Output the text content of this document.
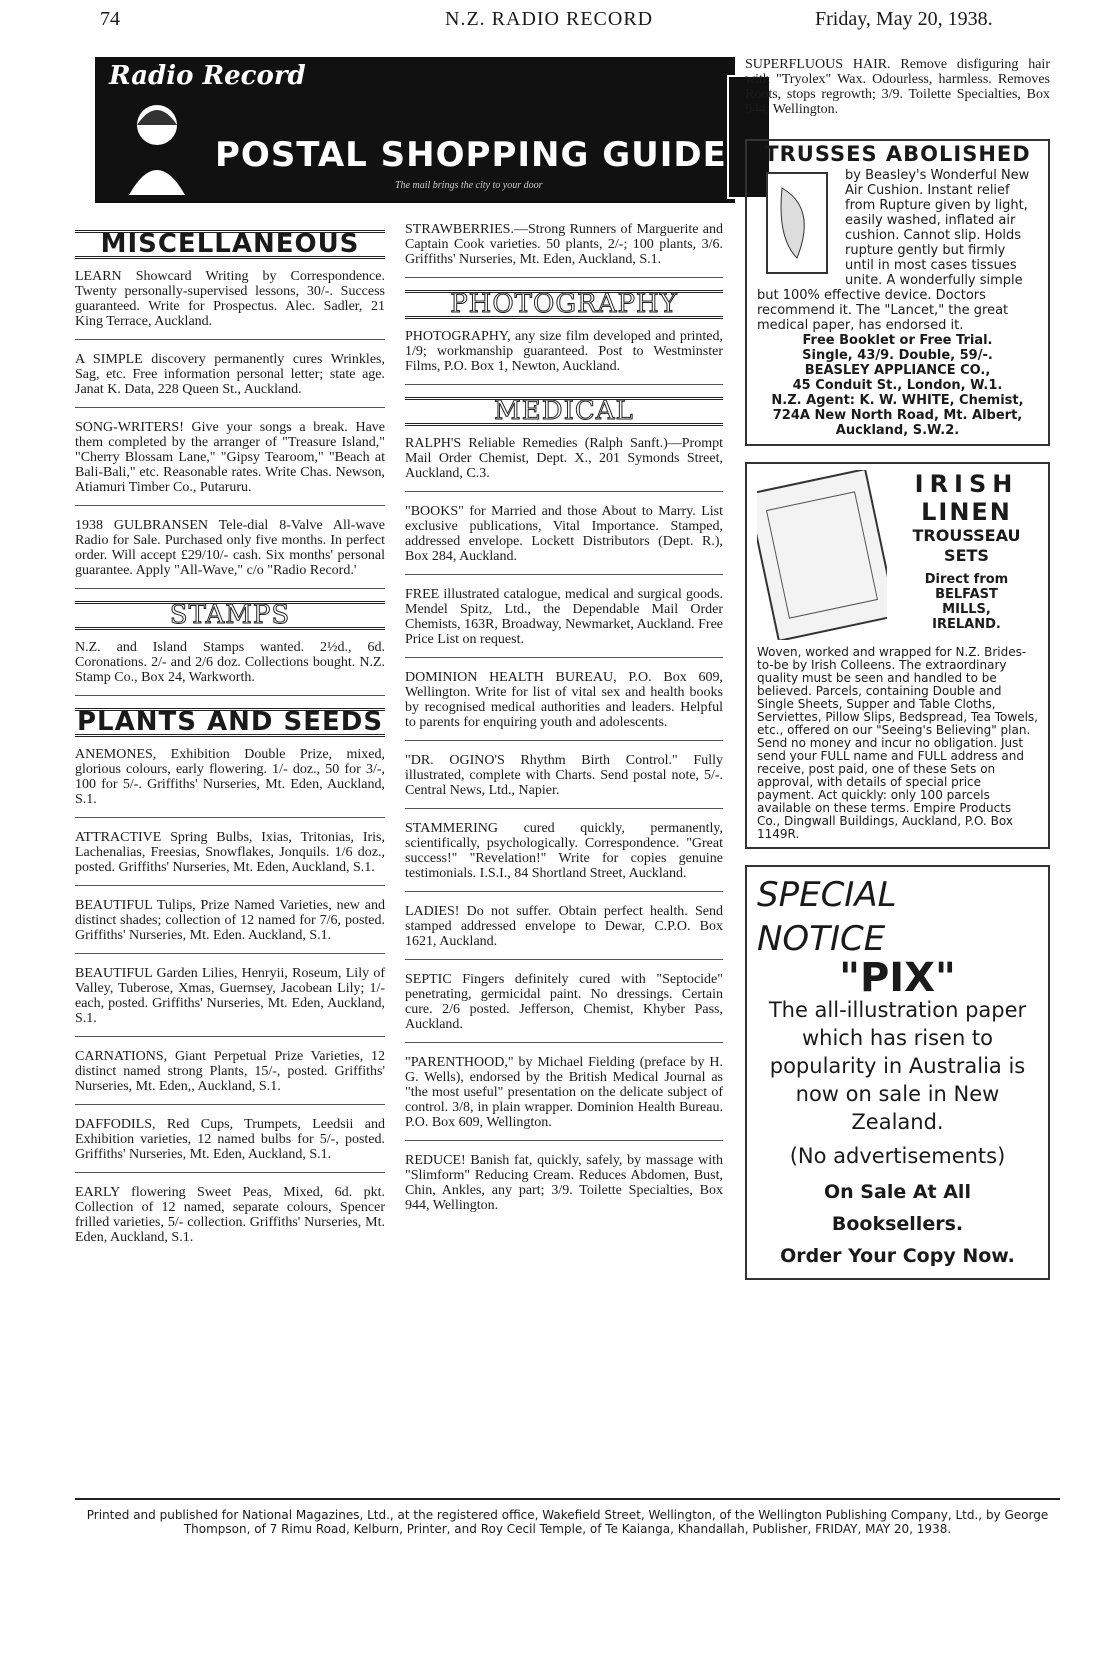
74	N.Z. RADIO RECORD	Friday, May 20, 1938.
Radio Record
POSTAL SHOPPING GUIDE
The mail brings the city to your door
MISCELLANEOUS
LEARN Showcard Writing by Correspondence. Twenty personally-supervised lessons, 30/-. Success guaranteed. Write for Prospectus. Alec. Sadler, 21 King Terrace, Auckland.
A SIMPLE discovery permanently cures Wrinkles, Sag, etc. Free information personal letter; state age. Janat K. Data, 228 Queen St., Auckland.
SONG-WRITERS! Give your songs a break. Have them completed by the arranger of "Treasure Island," "Cherry Blossam Lane," "Gipsy Tearoom," "Beach at Bali-Bali," etc. Reasonable rates. Write Chas. Newson, Atiamuri Timber Co., Putaruru.
1938 GULBRANSEN Tele-dial 8-Valve All-wave Radio for Sale. Purchased only five months. In perfect order. Will accept £29/10/- cash. Six months' personal guarantee. Apply "All-Wave," c/o "Radio Record.'
STAMPS
N.Z. and Island Stamps wanted. 2½d., 6d. Coronations. 2/- and 2/6 doz. Collections bought. N.Z. Stamp Co., Box 24, Warkworth.
PLANTS AND SEEDS
ANEMONES, Exhibition Double Prize, mixed, glorious colours, early flowering. 1/- doz., 50 for 3/-, 100 for 5/-. Griffiths' Nurseries, Mt. Eden, Auckland, S.1.
ATTRACTIVE Spring Bulbs, Ixias, Tritonias, Iris, Lachenalias, Freesias, Snowflakes, Jonquils. 1/6 doz., posted. Griffiths' Nurseries, Mt. Eden, Auckland, S.1.
BEAUTIFUL Tulips, Prize Named Varieties, new and distinct shades; collection of 12 named for 7/6, posted. Griffiths' Nurseries, Mt. Eden. Auckland, S.1.
BEAUTIFUL Garden Lilies, Henryii, Roseum, Lily of Valley, Tuberose, Xmas, Guernsey, Jacobean Lily; 1/- each, posted. Griffiths' Nurseries, Mt. Eden, Auckland, S.1.
CARNATIONS, Giant Perpetual Prize Varieties, 12 distinct named strong Plants, 15/-, posted. Griffiths' Nurseries, Mt. Eden,, Auckland, S.1.
DAFFODILS, Red Cups, Trumpets, Leedsii and Exhibition varieties, 12 named bulbs for 5/-, posted. Griffiths' Nurseries, Mt. Eden, Auckland, S.1.
EARLY flowering Sweet Peas, Mixed, 6d. pkt. Collection of 12 named, separate colours, Spencer frilled varieties, 5/- collection. Griffiths' Nurseries, Mt. Eden, Auckland, S.1.
STRAWBERRIES.—Strong Runners of Marguerite and Captain Cook varieties. 50 plants, 2/-; 100 plants, 3/6. Griffiths' Nurseries, Mt. Eden, Auckland, S.1.
PHOTOGRAPHY
PHOTOGRAPHY, any size film developed and printed, 1/9; workmanship guaranteed. Post to Westminster Films, P.O. Box 1, Newton, Auckland.
MEDICAL
RALPH'S Reliable Remedies (Ralph Sanft.)—Prompt Mail Order Chemist, Dept. X., 201 Symonds Street, Auckland, C.3.
"BOOKS" for Married and those About to Marry. List exclusive publications, Vital Importance. Stamped, addressed envelope. Lockett Distributors (Dept. R.), Box 284, Auckland.
FREE illustrated catalogue, medical and surgical goods. Mendel Spitz, Ltd., the Dependable Mail Order Chemists, 163R, Broadway, Newmarket, Auckland. Free Price List on request.
DOMINION HEALTH BUREAU, P.O. Box 609, Wellington. Write for list of vital sex and health books by recognised medical authorities and leaders. Helpful to parents for enquiring youth and adolescents.
"DR. OGINO'S Rhythm Birth Control." Fully illustrated, complete with Charts. Send postal note, 5/-. Central News, Ltd., Napier.
STAMMERING cured quickly, permanently, scientifically, psychologically. Correspondence. "Great success!" "Revelation!" Write for copies genuine testimonials. I.S.I., 84 Shortland Street, Auckland.
LADIES! Do not suffer. Obtain perfect health. Send stamped addressed envelope to Dewar, C.P.O. Box 1621, Auckland.
SEPTIC Fingers definitely cured with "Septocide" penetrating, germicidal paint. No dressings. Certain cure. 2/6 posted. Jefferson, Chemist, Khyber Pass, Auckland.
"PARENTHOOD," by Michael Fielding (preface by H. G. Wells), endorsed by the British Medical Journal as "the most useful" presentation on the delicate subject of control. 3/8, in plain wrapper. Dominion Health Bureau. P.O. Box 609, Wellington.
REDUCE! Banish fat, quickly, safely, by massage with "Slimform" Reducing Cream. Reduces Abdomen, Bust, Chin, Ankles, any part; 3/9. Toilette Specialties, Box 944, Wellington.
SUPERFLUOUS HAIR. Remove disfiguring hair with "Tryolex" Wax. Odourless, harmless. Removes Roots, stops regrowth; 3/9. Toilette Specialties, Box 944, Wellington.
TRUSSES ABOLISHED
by Beasley's Wonderful New Air Cushion. Instant relief from Rupture given by light, easily washed, inflated air cushion. Cannot slip. Holds rupture gently but firmly until in most cases tissues unite. A wonderfully simple but 100% effective device. Doctors recommend it. The "Lancet," the great medical paper, has endorsed it.
Free Booklet or Free Trial.
Single, 43/9. Double, 59/-.
BEASLEY APPLIANCE CO.,
45 Conduit St., London, W.1.
N.Z. Agent: K. W. WHITE, Chemist,
724A New North Road, Mt. Albert,
Auckland, S.W.2.
IRISH
LINEN
TROUSSEAU
SETS
Direct from
BELFAST
MILLS,
IRELAND.
Woven, worked and wrapped for N.Z. Brides-to-be by Irish Colleens. The extraordinary quality must be seen and handled to be believed. Parcels, containing Double and Single Sheets, Supper and Table Cloths, Serviettes, Pillow Slips, Bedspread, Tea Towels, etc., offered on our "Seeing's Believing" plan. Send no money and incur no obligation. Just send your FULL name and FULL address and receive, post paid, one of these Sets on approval, with details of special price payment. Act quickly: only 100 parcels available on these terms. Empire Products Co., Dingwall Buildings, Auckland, P.O. Box 1149R.
SPECIAL
NOTICE
"PIX"
The all-illustration paper which has risen to popularity in Australia is now on sale in New Zealand.
(No advertisements)
On Sale At All Booksellers.
Order Your Copy Now.
Printed and published for National Magazines, Ltd., at the registered office, Wakefield Street, Wellington, of the Wellington Publishing Company, Ltd., by George Thompson, of 7 Rimu Road, Kelburn, Printer, and Roy Cecil Temple, of Te Kaianga, Khandallah, Publisher, FRIDAY, MAY 20, 1938.
